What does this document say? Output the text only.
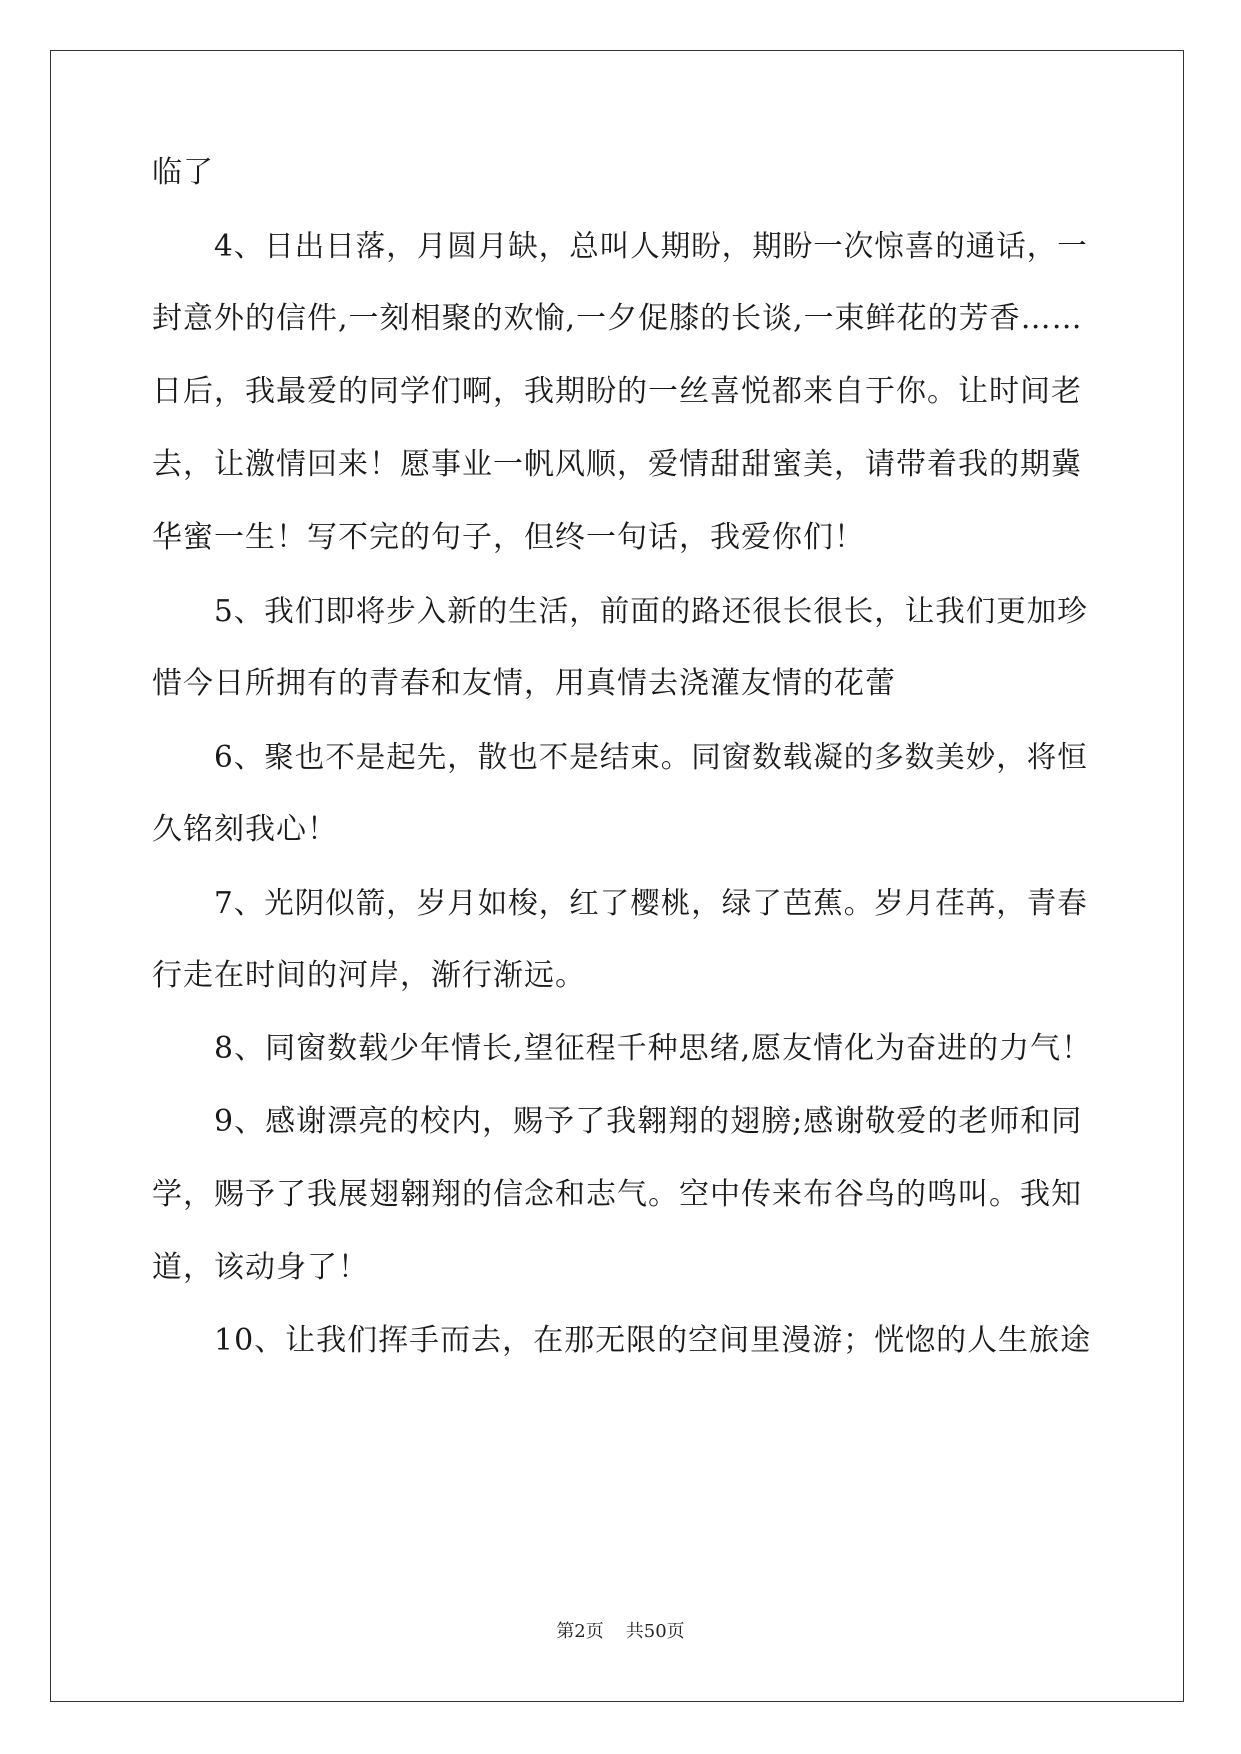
临了
4、日出日落，月圆月缺，总叫人期盼，期盼一次惊喜的通话，一
封意外的信件,一刻相聚的欢愉,一夕促膝的长谈,一束鲜花的芳香……
日后，我最爱的同学们啊，我期盼的一丝喜悦都来自于你。让时间老
去，让激情回来！愿事业一帆风顺，爱情甜甜蜜美，请带着我的期冀
华蜜一生！写不完的句子，但终一句话，我爱你们！
5、我们即将步入新的生活，前面的路还很长很长，让我们更加珍
惜今日所拥有的青春和友情，用真情去浇灌友情的花蕾
6、聚也不是起先，散也不是结束。同窗数载凝的多数美妙，将恒
久铭刻我心！
7、光阴似箭，岁月如梭，红了樱桃，绿了芭蕉。岁月荏苒，青春
行走在时间的河岸，渐行渐远。
8、同窗数载少年情长,望征程千种思绪,愿友情化为奋进的力气！
9、感谢漂亮的校内，赐予了我翱翔的翅膀;感谢敬爱的老师和同
学，赐予了我展翅翱翔的信念和志气。空中传来布谷鸟的鸣叫。我知
道，该动身了！
10、让我们挥手而去，在那无限的空间里漫游；恍惚的人生旅途
第2页 共50页
